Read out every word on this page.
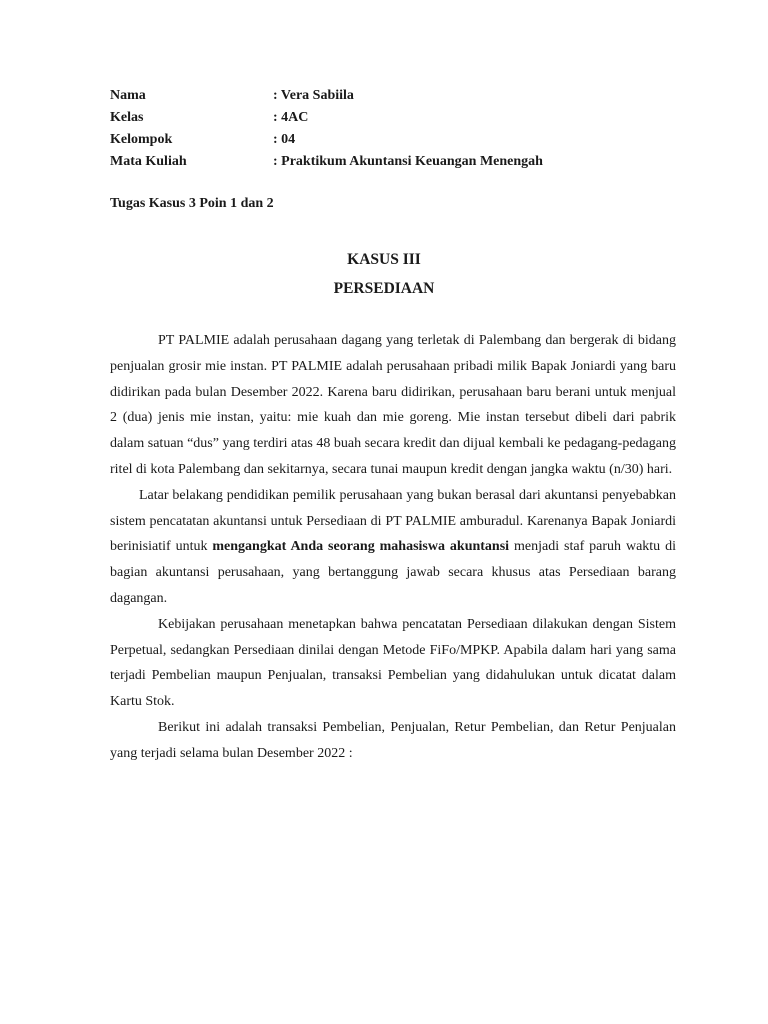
Nama	: Vera Sabiila
Kelas	: 4AC
Kelompok	: 04
Mata Kuliah	: Praktikum Akuntansi Keuangan Menengah
Tugas Kasus 3 Poin 1 dan 2
KASUS III
PERSEDIAAN

PT PALMIE adalah perusahaan dagang yang terletak di Palembang dan bergerak di bidang penjualan grosir mie instan. PT PALMIE adalah perusahaan pribadi milik Bapak Joniardi yang baru didirikan pada bulan Desember 2022. Karena baru didirikan, perusahaan baru berani untuk menjual 2 (dua) jenis mie instan, yaitu: mie kuah dan mie goreng. Mie instan tersebut dibeli dari pabrik dalam satuan “dus” yang terdiri atas 48 buah secara kredit dan dijual kembali ke pedagang-pedagang ritel di kota Palembang dan sekitarnya, secara tunai maupun kredit dengan jangka waktu (n/30) hari.

Latar belakang pendidikan pemilik perusahaan yang bukan berasal dari akuntansi penyebabkan sistem pencatatan akuntansi untuk Persediaan di PT PALMIE amburadul. Karenanya Bapak Joniardi berinisiatif untuk mengangkat Anda seorang mahasiswa akuntansi menjadi staf paruh waktu di bagian akuntansi perusahaan, yang bertanggung jawab secara khusus atas Persediaan barang dagangan.

Kebijakan perusahaan menetapkan bahwa pencatatan Persediaan dilakukan dengan Sistem Perpetual, sedangkan Persediaan dinilai dengan Metode FiFo/MPKP. Apabila dalam hari yang sama terjadi Pembelian maupun Penjualan, transaksi Pembelian yang didahulukan untuk dicatat dalam Kartu Stok.

Berikut ini adalah transaksi Pembelian, Penjualan, Retur Pembelian, dan Retur Penjualan yang terjadi selama bulan Desember 2022 :
